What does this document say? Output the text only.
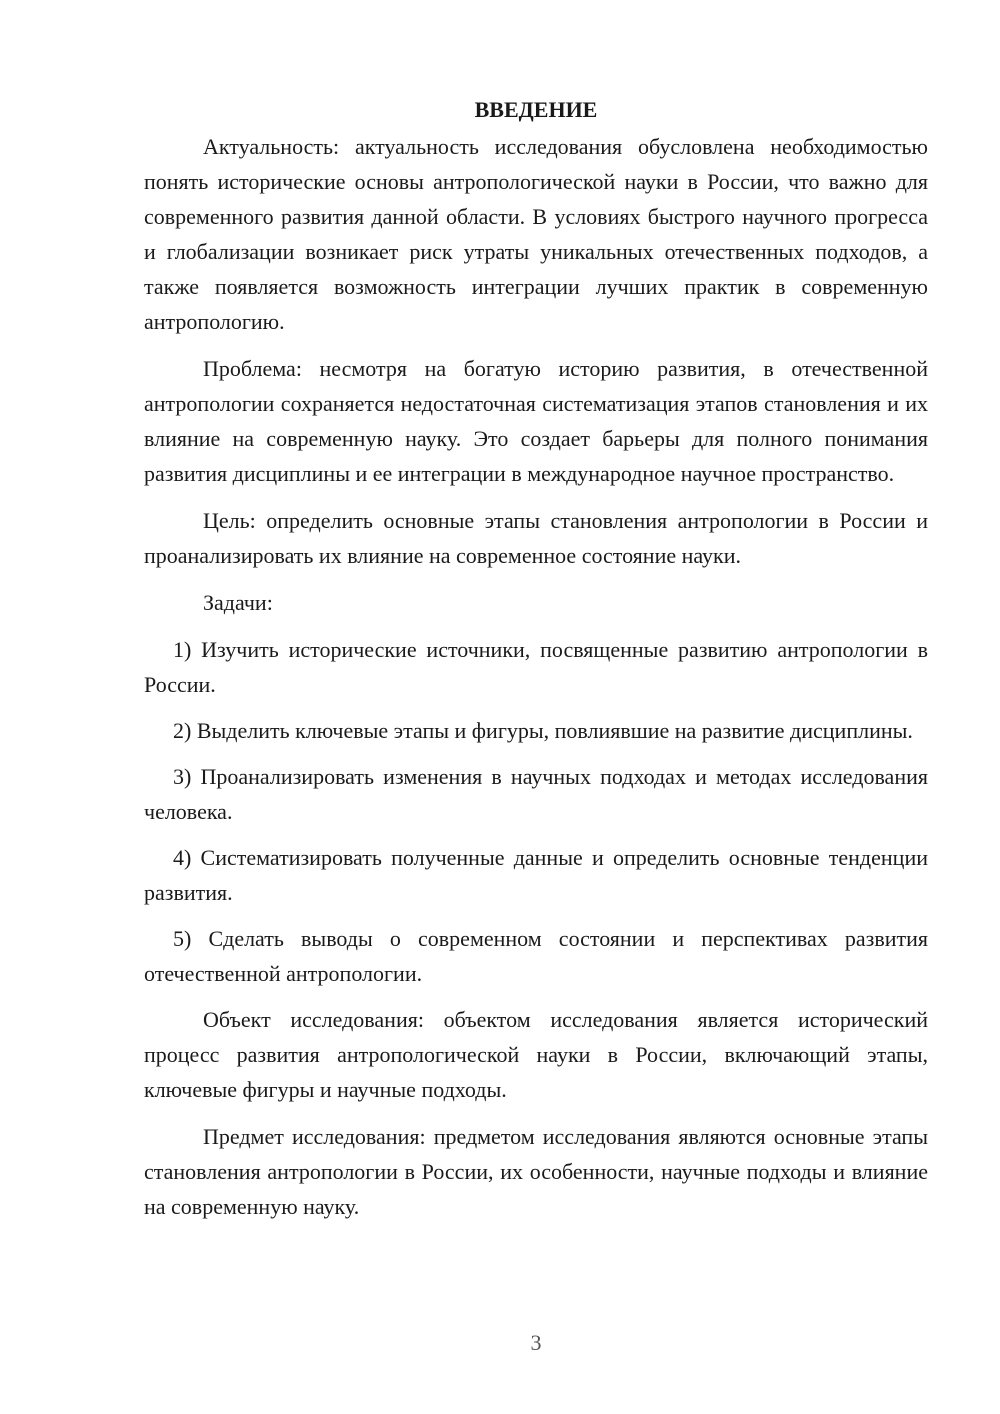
ВВЕДЕНИЕ

Актуальность: актуальность исследования обусловлена необходимостью понять исторические основы антропологической науки в России, что важно для современного развития данной области. В условиях быстрого научного прогресса и глобализации возникает риск утраты уникальных отечественных подходов, а также появляется возможность интеграции лучших практик в современную антропологию.

Проблема: несмотря на богатую историю развития, в отечественной антропологии сохраняется недостаточная систематизация этапов становления и их влияние на современную науку. Это создает барьеры для полного понимания развития дисциплины и ее интеграции в международное научное пространство.

Цель: определить основные этапы становления антропологии в России и проанализировать их влияние на современное состояние науки.

Задачи:

1) Изучить исторические источники, посвященные развитию антропологии в России.

2) Выделить ключевые этапы и фигуры, повлиявшие на развитие дисциплины.

3) Проанализировать изменения в научных подходах и методах исследования человека.

4) Систематизировать полученные данные и определить основные тенденции развития.

5) Сделать выводы о современном состоянии и перспективах развития отечественной антропологии.

Объект исследования: объектом исследования является исторический процесс развития антропологической науки в России, включающий этапы, ключевые фигуры и научные подходы.

Предмет исследования: предметом исследования являются основные этапы становления антропологии в России, их особенности, научные подходы и влияние на современную науку.

3
